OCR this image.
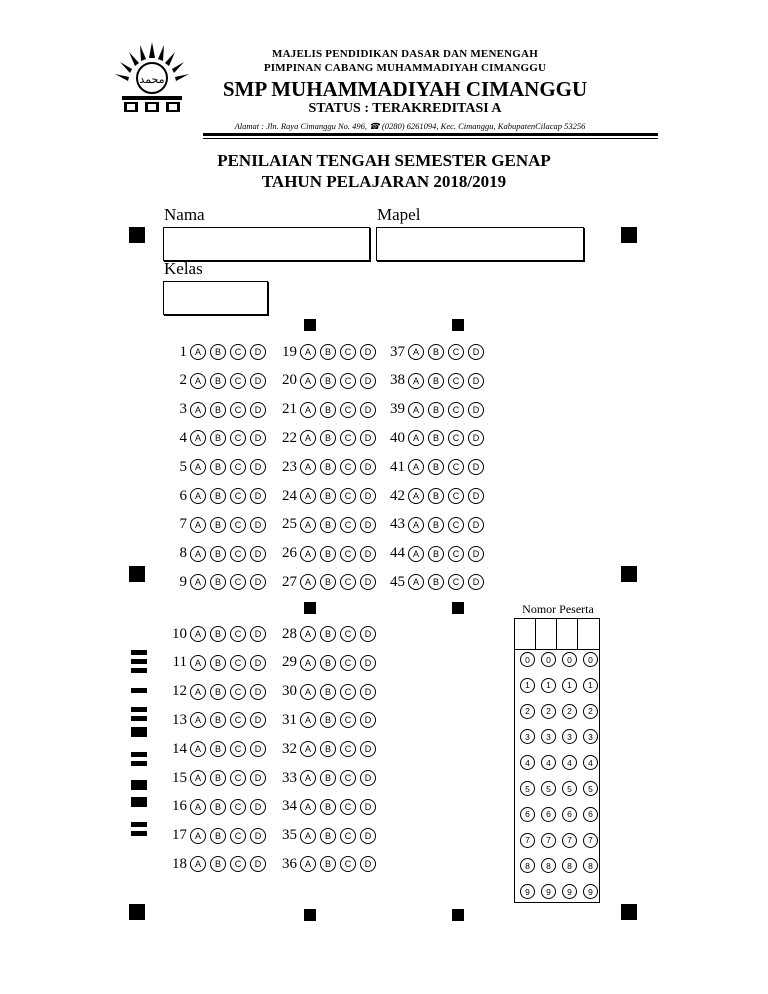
محمد
MAJELIS PENDIDIKAN DASAR DAN MENENGAH
PIMPINAN CABANG MUHAMMADIYAH CIMANGGU
SMP MUHAMMADIYAH CIMANGGU
STATUS : TERAKREDITASI A
Alamat : Jln. Raya Cimanggu No. 496, ☎ (0280) 6261094, Kec. Cimanggu, KabupatenCilacap 53256
PENILAIAN TENGAH SEMESTER GENAP
TAHUN PELAJARAN 2018/2019
Nama	Mapel
Kelas
1 A	B	C	D
2 A	B	C	D
3 A	B	C	D
4 A	B	C	D
5 A	B	C	D
6 A	B	C	D
7 A	B	C	D
8 A	B	C	D
9 A	B	C	D
19 A	B	C	D
20 A	B	C	D
21 A	B	C	D
22 A	B	C	D
23 A	B	C	D
24 A	B	C	D
25 A	B	C	D
26 A	B	C	D
27 A	B	C	D
37 A	B	C	D
38 A	B	C	D
39 A	B	C	D
40 A	B	C	D
41 A	B	C	D
42 A	B	C	D
43 A	B	C	D
44 A	B	C	D
45 A	B	C	D
10 A	B	C	D
11 A	B	C	D
12 A	B	C	D
13 A	B	C	D
14 A	B	C	D
15 A	B	C	D
16 A	B	C	D
17 A	B	C	D
18 A	B	C	D
28 A	B	C	D
29 A	B	C	D
30 A	B	C	D
31 A	B	C	D
32 A	B	C	D
33 A	B	C	D
34 A	B	C	D
35 A	B	C	D
36 A	B	C	D
Nomor Peserta
0	0	0	0
1	1	1	1
2	2	2	2
3	3	3	3
4	4	4	4
5	5	5	5
6	6	6	6
7	7	7	7
8	8	8	8
9	9	9	9
